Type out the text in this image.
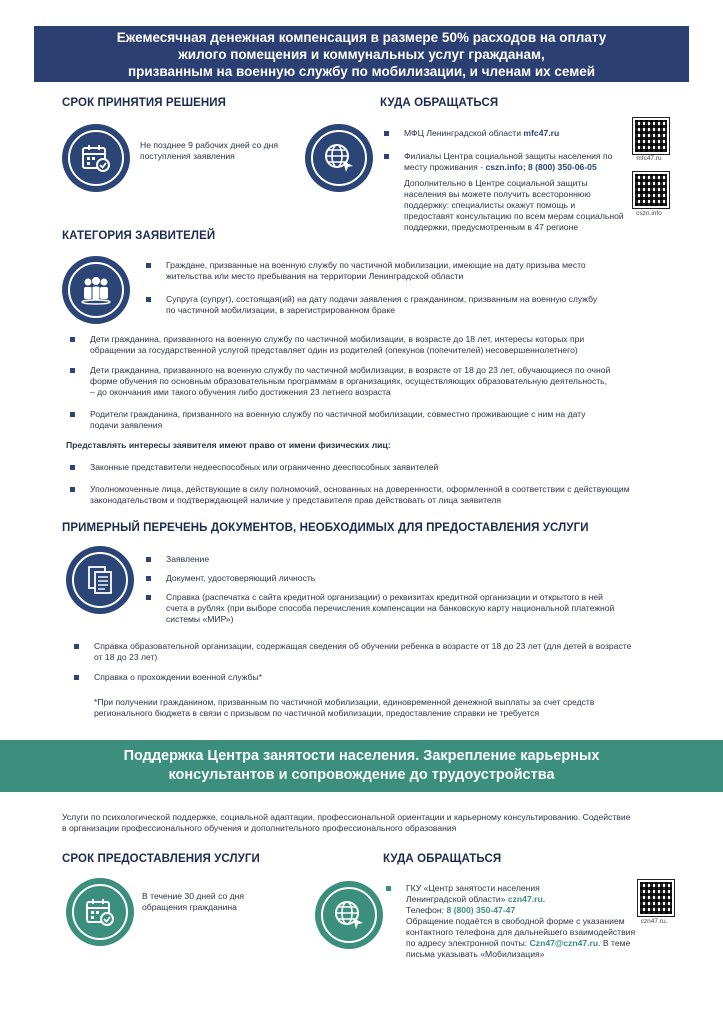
Ежемесячная денежная компенсация в размере 50% расходов на оплату
жилого помещения и коммунальных услуг гражданам,
призванным на военную службу по мобилизации, и членам их семей
СРОК ПРИНЯТИЯ РЕШЕНИЯ
Не позднее 9 рабочих дней со дня
поступления заявления
КУДА ОБРАЩАТЬСЯ
МФЦ Ленинградской области mfc47.ru
Филиалы Центра социальной защиты населения по
месту проживания - cszn.info; 8 (800) 350-06-05
Дополнительно в Центре социальной защиты
населения вы можете получить всестороннюю
поддержку: специалисты окажут помощь и
предоставят консультацию по всем мерам социальной
поддержки, предусмотренным в 47 регионе
mfc47.ru
cszn.info
КАТЕГОРИЯ ЗАЯВИТЕЛЕЙ
Граждане, призванные на военную службу по частичной мобилизации, имеющие на дату призыва место
жительства или место пребывания на территории Ленинградской области
Супруга (супруг), состоящая(ий) на дату подачи заявления с гражданином, призванным на военную службу
по частичной мобилизации, в зарегистрированном браке
Дети гражданина, призванного на военную службу по частичной мобилизации, в возрасте до 18 лет, интересы которых при
обращении за государственной услугой представляет один из родителей (опекунов (попечителей) несовершеннолетнего)
Дети гражданина, призванного на военную службу по частичной мобилизации, в возрасте от 18 до 23 лет, обучающиеся по очной
форме обучения по основным образовательным программам в организациях, осуществляющих образовательную деятельность,
– до окончания ими такого обучения либо достижения 23 летнего возраста
Родители гражданина, призванного на военную службу по частичной мобилизации, совместно проживающие с ним на дату
подачи заявления
Представлять интересы заявителя имеют право от имени физических лиц:
Законные представители недееспособных или ограниченно дееспособных заявителей
Уполномоченные лица, действующие в силу полномочий, основанных на доверенности, оформленной в соответствии с действующим
законодательством и подтверждающей наличие у представителя прав действовать от лица заявителя
ПРИМЕРНЫЙ ПЕРЕЧЕНЬ ДОКУМЕНТОВ, НЕОБХОДИМЫХ ДЛЯ ПРЕДОСТАВЛЕНИЯ УСЛУГИ
Заявление
Документ, удостоверяющий личность
Справка (распечатка с сайта кредитной организации) о реквизитах кредитной организации и открытого в ней
счета в рублях (при выборе способа перечисления компенсации на банковскую карту национальной платежной
системы «МИР»)
Справка образовательной организации, содержащая сведения об обучении ребенка в возрасте от 18 до 23 лет (для детей в возрасте
от 18 до 23 лет)
Справка о прохождении военной службы*
*При получении гражданином, призванным по частичной мобилизации, единовременной денежной выплаты за счет средств
регионального бюджета в связи с призывом по частичной мобилизации, предоставление справки не требуется
Поддержка Центра занятости населения. Закрепление карьерных
консультантов и сопровождение до трудоустройства
Услуги по психологической поддержке, социальной адаптации, профессиональной ориентации и карьерному консультированию. Содействие
в организации профессионального обучения и дополнительного профессионального образования
СРОК ПРЕДОСТАВЛЕНИЯ УСЛУГИ
В течение 30 дней со дня
обращения гражданина
КУДА ОБРАЩАТЬСЯ
ГКУ «Центр занятости населения
Ленинградской области» czn47.ru.
Телефон: 8 (800) 350-47-47
Обращение подаётся в свободной форме с указанием
контактного телефона для дальнейшего взаимодействия
по адресу электронной почты: Czn47@czn47.ru. В теме
письма указывать «Мобилизация»
czn47.ru.
